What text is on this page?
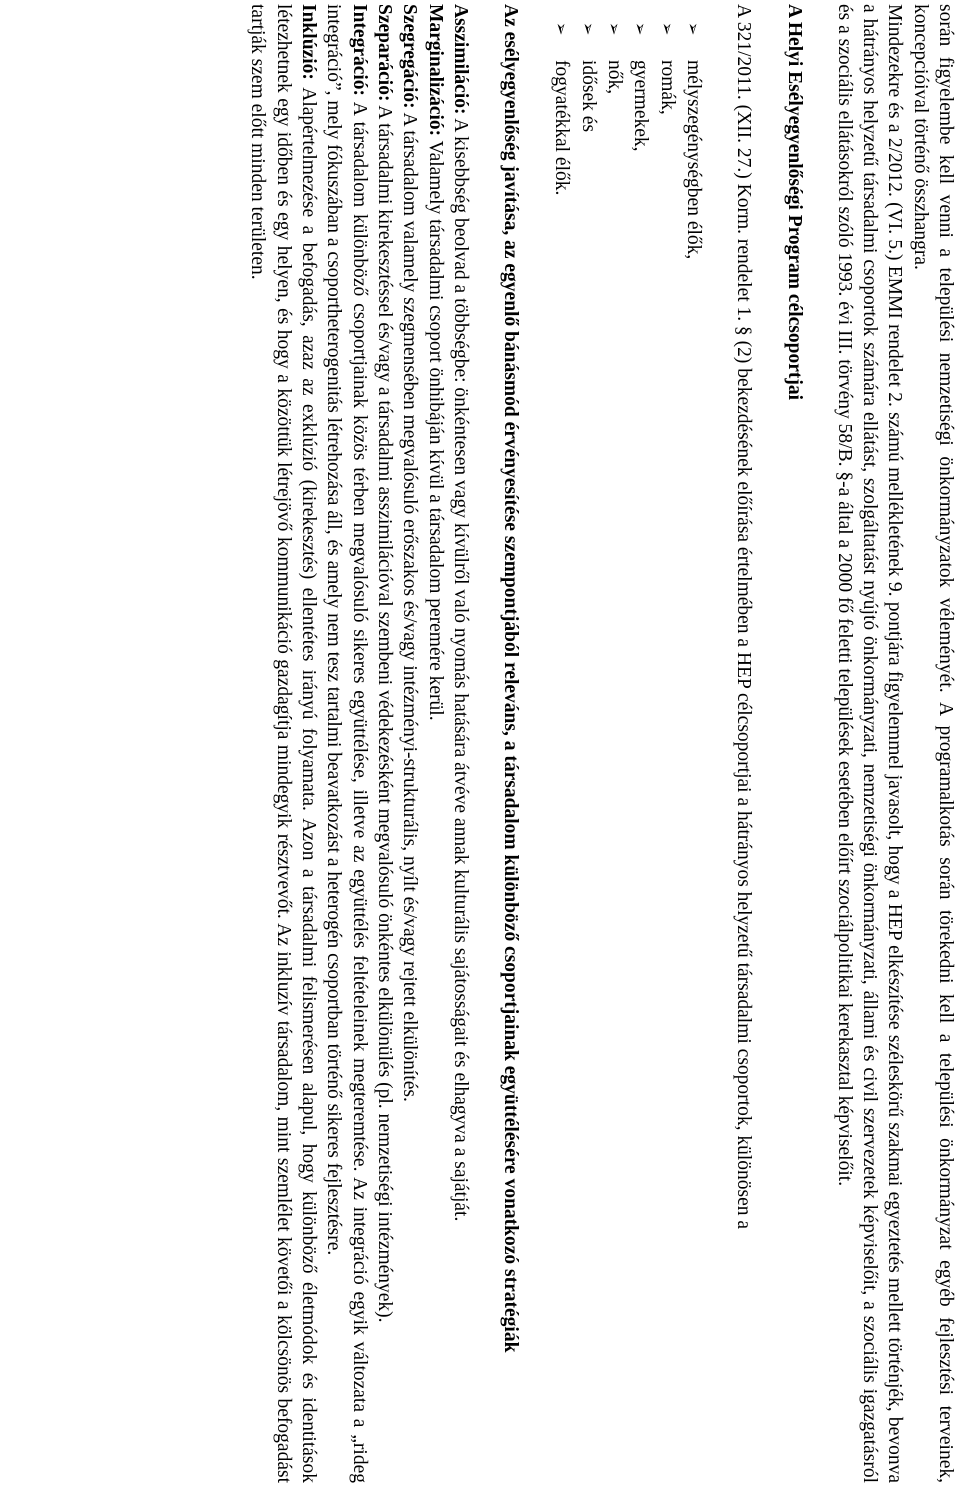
során figyelembe kell venni a települési nemzetiségi önkormányzatok véleményét. A programalkotás során törekedni kell a települési önkormányzat egyéb fejlesztési terveinek, koncepcióival történő összhangra.

Mindezekre és a 2/2012. (VI. 5.) EMMI rendelet 2. számú mellékletének 9. pontjára figyelemmel javasolt, hogy a HEP elkészítése széleskörű szakmai egyeztetés mellett történjék, bevonva a hátrányos helyzetű társadalmi csoportok számára ellátást, szolgáltatást nyújtó önkormányzati, nemzetiségi önkormányzati, állami és civil szervezetek képviselőit, a szociális igazgatásról és a szociális ellátásokról szóló 1993. évi III. törvény 58/B. §-a által a 2000 fő feletti települések esetében előírt szociálpolitikai kerekasztal képviselőit.

A Helyi Esélyegyenlőségi Program célcsoportjai

A 321/2011. (XII. 27.) Korm. rendelet 1. § (2) bekezdésének előírása értelmében a HEP célcsoportjai a hátrányos helyzetű társadalmi csoportok, különösen a

➢
mélyszegénységben élők,
➢
romák,
➢
gyermekek,
➢
nők,
➢
idősek és
➢
fogyatékkal élők.

Az esélyegyenlőség javítása, az egyenlő bánásmód érvényesítése szempontjából releváns, a társadalom különböző csoportjainak együttélésére vonatkozó stratégiák

Asszimiláció: A kisebbség beolvad a többségbe: önkéntesen vagy kívülről való nyomás hatására átvéve annak kulturális sajátosságait és elhagyva a sajátját.

Marginalizáció: Valamely társadalmi csoport önhibáján kívül a társadalom peremére kerül.

Szegregáció: A társadalom valamely szegmensében megvalósuló erőszakos és/vagy intézményi-strukturális, nyílt és/vagy rejtett elkülönítés.

Szeparáció: A társadalmi kirekesztéssel és/vagy a társadalmi asszimilációval szembeni védekezésként megvalósuló önkéntes elkülönülés (pl. nemzetiségi intézmények).

Integráció: A társadalom különböző csoportjainak közös térben megvalósuló sikeres együttélése, illetve az együttélés feltételeinek megteremtése. Az integráció egyik változata a „rideg integráció”, mely fókuszában a csoportheterogenitás létrehozása áll, és amely nem tesz tartalmi beavatkozást a heterogén csoportban történő sikeres fejlesztésre.

Inklúzió: Alapértelmezése a befogadás, azaz az exklúzió (kirekesztés) ellentétes irányú folyamata. Azon a társadalmi felismerésen alapul, hogy különböző életmódok és identitások létezhetnek egy időben és egy helyen, és hogy a közöttük létrejövő kommunikáció gazdagítja mindegyik résztvevőt. Az inkluzív társadalom, mint szemlélet követői a kölcsönös befogadást tartják szem előtt minden területen.
